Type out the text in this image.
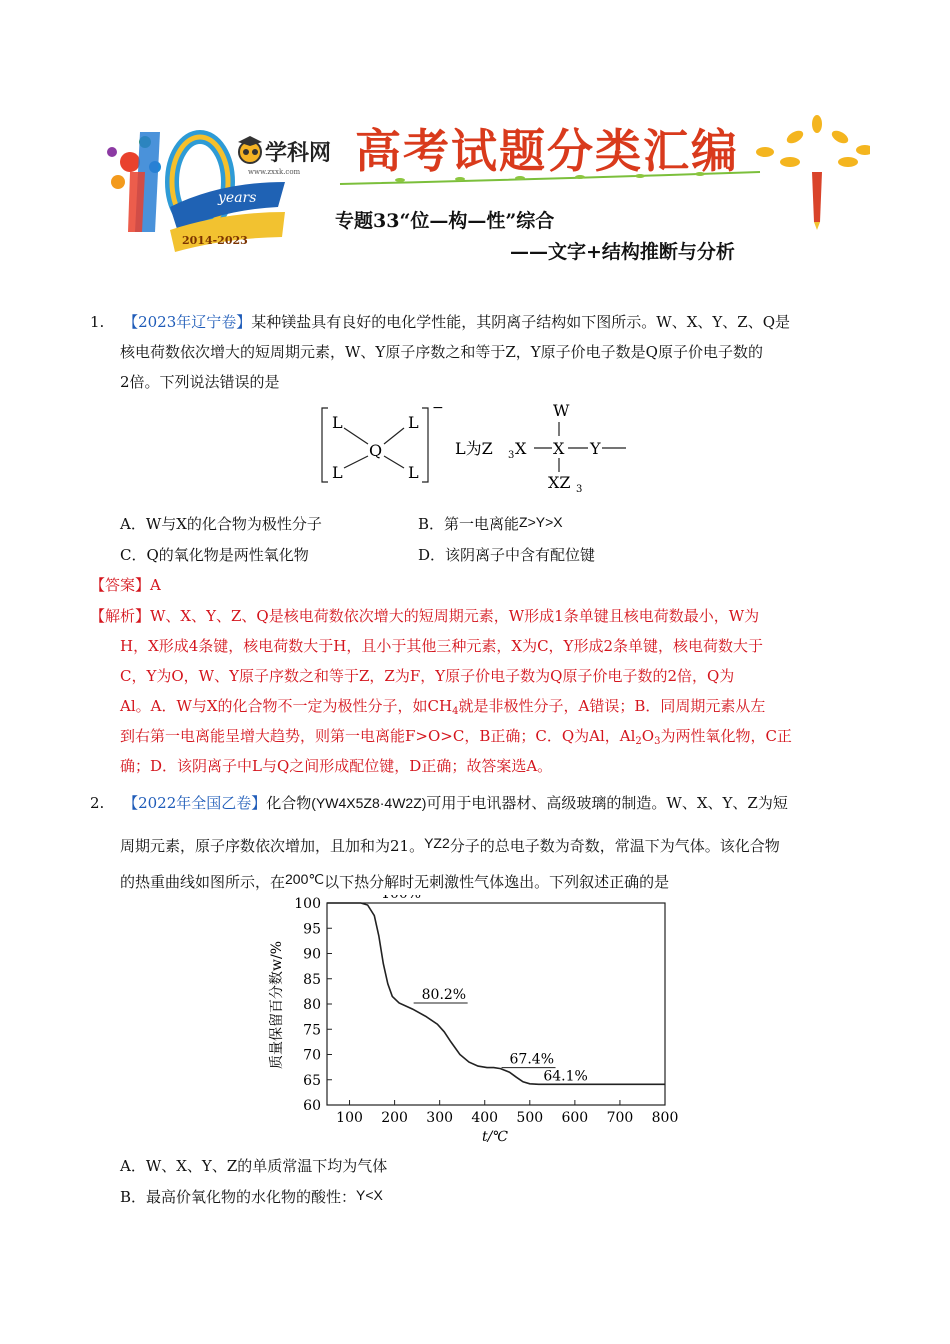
years
2014-2023
学科网
www.zxxk.com 高考试题分类汇编
专题33“位—构—性”综合
——文字+结构推断与分析
1. 【2023年辽宁卷】某种镁盐具有良好的电化学性能，其阴离子结构如下图所示。W、X、Y、Z、Q是
核电荷数依次增大的短周期元素，W、Y原子序数之和等于Z，Y原子价电子数是Q原子价电子数的
2倍。下列说法错误的是
L	L
Q
L	L
−
L为Z 3 X
W
X Y
XZ 3
A．W与X的化合物为极性分子	B．第一电离能Z>Y>X
C．Q的氧化物是两性氧化物	D．该阴离子中含有配位键
【答案】A
【解析】W、X、Y、Z、Q是核电荷数依次增大的短周期元素，W形成1条单键且核电荷数最小，W为
H，X形成4条键，核电荷数大于H，且小于其他三种元素，X为C，Y形成2条单键，核电荷数大于
C，Y为O，W、Y原子序数之和等于Z，Z为F，Y原子价电子数为Q原子价电子数的2倍，Q为
Al。A．W与X的化合物不一定为极性分子，如$CH_4$就是非极性分子，A错误；B．同周期元素从左
到右第一电离能呈增大趋势，则第一电离能F>O>C，B正确；C．Q为Al，$Al_2O_3$为两性氧化物，C正
确；D．该阴离子中L与Q之间形成配位键，D正确；故答案选A。
2. 【2022年全国乙卷】化合物(YW4X5Z8·4W2Z)可用于电讯器材、高级玻璃的制造。W、X、Y、Z为短
周期元素，原子序数依次增加，且加和为21。YZ2分子的总电子数为奇数，常温下为气体。该化合物
的热重曲线如图所示，在200℃以下热分解时无刺激性气体逸出。下列叙述正确的是
60
65
70
75
80
85
90
95
100
100 200 300 400 500 600 700 800
80.2%
67.4%
64.1%
t/℃
质量保留百分数w/%
A．W、X、Y、Z的单质常温下均为气体
B．最高价氧化物的水化物的酸性：Y<X
